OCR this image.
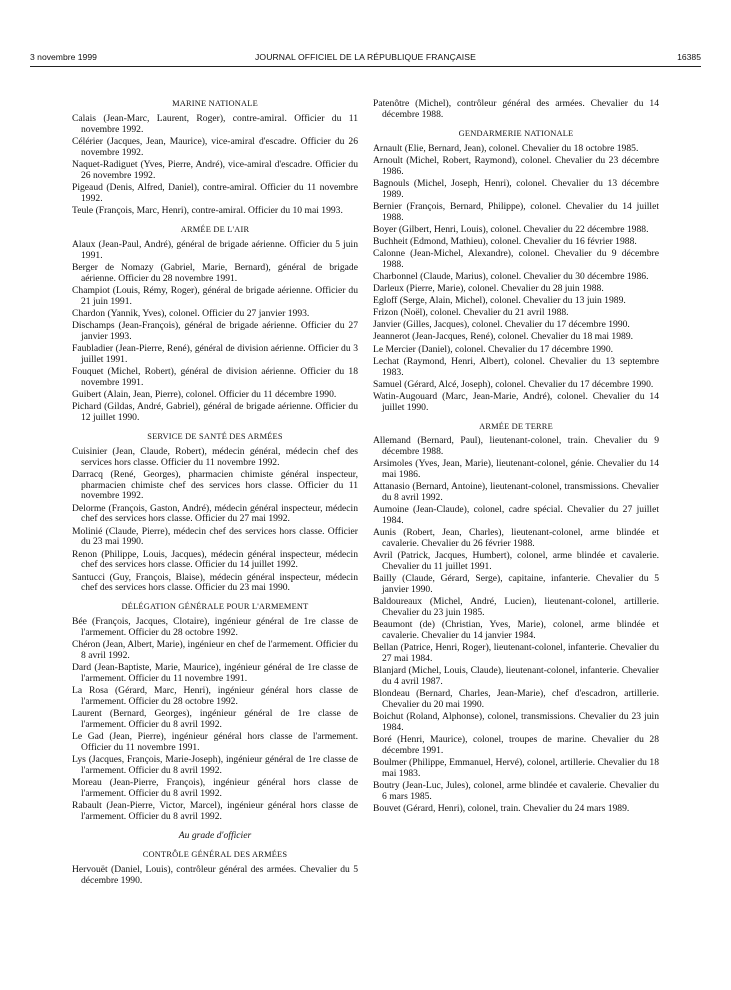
3 novembre 1999	JOURNAL OFFICIEL DE LA RÉPUBLIQUE FRANÇAISE	16385
MARINE NATIONALE
Calais (Jean-Marc, Laurent, Roger), contre-amiral. Officier du 11 novembre 1992.
Célérier (Jacques, Jean, Maurice), vice-amiral d'escadre. Officier du 26 novembre 1992.
Naquet-Radiguet (Yves, Pierre, André), vice-amiral d'escadre. Officier du 26 novembre 1992.
Pigeaud (Denis, Alfred, Daniel), contre-amiral. Officier du 11 novembre 1992.
Teule (François, Marc, Henri), contre-amiral. Officier du 10 mai 1993.
ARMÉE DE L'AIR
Alaux (Jean-Paul, André), général de brigade aérienne. Officier du 5 juin 1991.
Berger de Nomazy (Gabriel, Marie, Bernard), général de brigade aérienne. Officier du 28 novembre 1991.
Champiot (Louis, Rémy, Roger), général de brigade aérienne. Officier du 21 juin 1991.
Chardon (Yannik, Yves), colonel. Officier du 27 janvier 1993.
Dischamps (Jean-François), général de brigade aérienne. Officier du 27 janvier 1993.
Faubladier (Jean-Pierre, René), général de division aérienne. Officier du 3 juillet 1991.
Fouquet (Michel, Robert), général de division aérienne. Officier du 18 novembre 1991.
Guibert (Alain, Jean, Pierre), colonel. Officier du 11 décembre 1990.
Pichard (Gildas, André, Gabriel), général de brigade aérienne. Officier du 12 juillet 1990.
SERVICE DE SANTÉ DES ARMÉES
Cuisinier (Jean, Claude, Robert), médecin général, médecin chef des services hors classe. Officier du 11 novembre 1992.
Darracq (René, Georges), pharmacien chimiste général inspecteur, pharmacien chimiste chef des services hors classe. Officier du 11 novembre 1992.
Delorme (François, Gaston, André), médecin général inspecteur, médecin chef des services hors classe. Officier du 27 mai 1992.
Molinié (Claude, Pierre), médecin chef des services hors classe. Officier du 23 mai 1990.
Renon (Philippe, Louis, Jacques), médecin général inspecteur, médecin chef des services hors classe. Officier du 14 juillet 1992.
Santucci (Guy, François, Blaise), médecin général inspecteur, médecin chef des services hors classe. Officier du 23 mai 1990.
DÉLÉGATION GÉNÉRALE POUR L'ARMEMENT
Bée (François, Jacques, Clotaire), ingénieur général de 1re classe de l'armement. Officier du 28 octobre 1992.
Chéron (Jean, Albert, Marie), ingénieur en chef de l'armement. Officier du 8 avril 1992.
Dard (Jean-Baptiste, Marie, Maurice), ingénieur général de 1re classe de l'armement. Officier du 11 novembre 1991.
La Rosa (Gérard, Marc, Henri), ingénieur général hors classe de l'armement. Officier du 28 octobre 1992.
Laurent (Bernard, Georges), ingénieur général de 1re classe de l'armement. Officier du 8 avril 1992.
Le Gad (Jean, Pierre), ingénieur général hors classe de l'armement. Officier du 11 novembre 1991.
Lys (Jacques, François, Marie-Joseph), ingénieur général de 1re classe de l'armement. Officier du 8 avril 1992.
Moreau (Jean-Pierre, François), ingénieur général hors classe de l'armement. Officier du 8 avril 1992.
Rabault (Jean-Pierre, Victor, Marcel), ingénieur général hors classe de l'armement. Officier du 8 avril 1992.
Au grade d'officier
CONTRÔLE GÉNÉRAL DES ARMÉES
Hervouët (Daniel, Louis), contrôleur général des armées. Chevalier du 5 décembre 1990.
Patenôtre (Michel), contrôleur général des armées. Chevalier du 14 décembre 1988.
GENDARMERIE NATIONALE
Arnault (Elie, Bernard, Jean), colonel. Chevalier du 18 octobre 1985.
Arnoult (Michel, Robert, Raymond), colonel. Chevalier du 23 décembre 1986.
Bagnouls (Michel, Joseph, Henri), colonel. Chevalier du 13 décembre 1989.
Bernier (François, Bernard, Philippe), colonel. Chevalier du 14 juillet 1988.
Boyer (Gilbert, Henri, Louis), colonel. Chevalier du 22 décembre 1988.
Buchheit (Edmond, Mathieu), colonel. Chevalier du 16 février 1988.
Calonne (Jean-Michel, Alexandre), colonel. Chevalier du 9 décembre 1988.
Charbonnel (Claude, Marius), colonel. Chevalier du 30 décembre 1986.
Darleux (Pierre, Marie), colonel. Chevalier du 28 juin 1988.
Egloff (Serge, Alain, Michel), colonel. Chevalier du 13 juin 1989.
Frizon (Noël), colonel. Chevalier du 21 avril 1988.
Janvier (Gilles, Jacques), colonel. Chevalier du 17 décembre 1990.
Jeannerot (Jean-Jacques, René), colonel. Chevalier du 18 mai 1989.
Le Mercier (Daniel), colonel. Chevalier du 17 décembre 1990.
Lechat (Raymond, Henri, Albert), colonel. Chevalier du 13 septembre 1983.
Samuel (Gérard, Alcé, Joseph), colonel. Chevalier du 17 décembre 1990.
Watin-Augouard (Marc, Jean-Marie, André), colonel. Chevalier du 14 juillet 1990.
ARMÉE DE TERRE
Allemand (Bernard, Paul), lieutenant-colonel, train. Chevalier du 9 décembre 1988.
Arsimoles (Yves, Jean, Marie), lieutenant-colonel, génie. Chevalier du 14 mai 1986.
Attanasio (Bernard, Antoine), lieutenant-colonel, transmissions. Chevalier du 8 avril 1992.
Aumoine (Jean-Claude), colonel, cadre spécial. Chevalier du 27 juillet 1984.
Aunis (Robert, Jean, Charles), lieutenant-colonel, arme blindée et cavalerie. Chevalier du 26 février 1988.
Avril (Patrick, Jacques, Humbert), colonel, arme blindée et cavalerie. Chevalier du 11 juillet 1991.
Bailly (Claude, Gérard, Serge), capitaine, infanterie. Chevalier du 5 janvier 1990.
Baldoureaux (Michel, André, Lucien), lieutenant-colonel, artillerie. Chevalier du 23 juin 1985.
Beaumont (de) (Christian, Yves, Marie), colonel, arme blindée et cavalerie. Chevalier du 14 janvier 1984.
Bellan (Patrice, Henri, Roger), lieutenant-colonel, infanterie. Chevalier du 27 mai 1984.
Blanjard (Michel, Louis, Claude), lieutenant-colonel, infanterie. Chevalier du 4 avril 1987.
Blondeau (Bernard, Charles, Jean-Marie), chef d'escadron, artillerie. Chevalier du 20 mai 1990.
Boichut (Roland, Alphonse), colonel, transmissions. Chevalier du 23 juin 1984.
Boré (Henri, Maurice), colonel, troupes de marine. Chevalier du 28 décembre 1991.
Boulmer (Philippe, Emmanuel, Hervé), colonel, artillerie. Chevalier du 18 mai 1983.
Boutry (Jean-Luc, Jules), colonel, arme blindée et cavalerie. Chevalier du 6 mars 1985.
Bouvet (Gérard, Henri), colonel, train. Chevalier du 24 mars 1989.
